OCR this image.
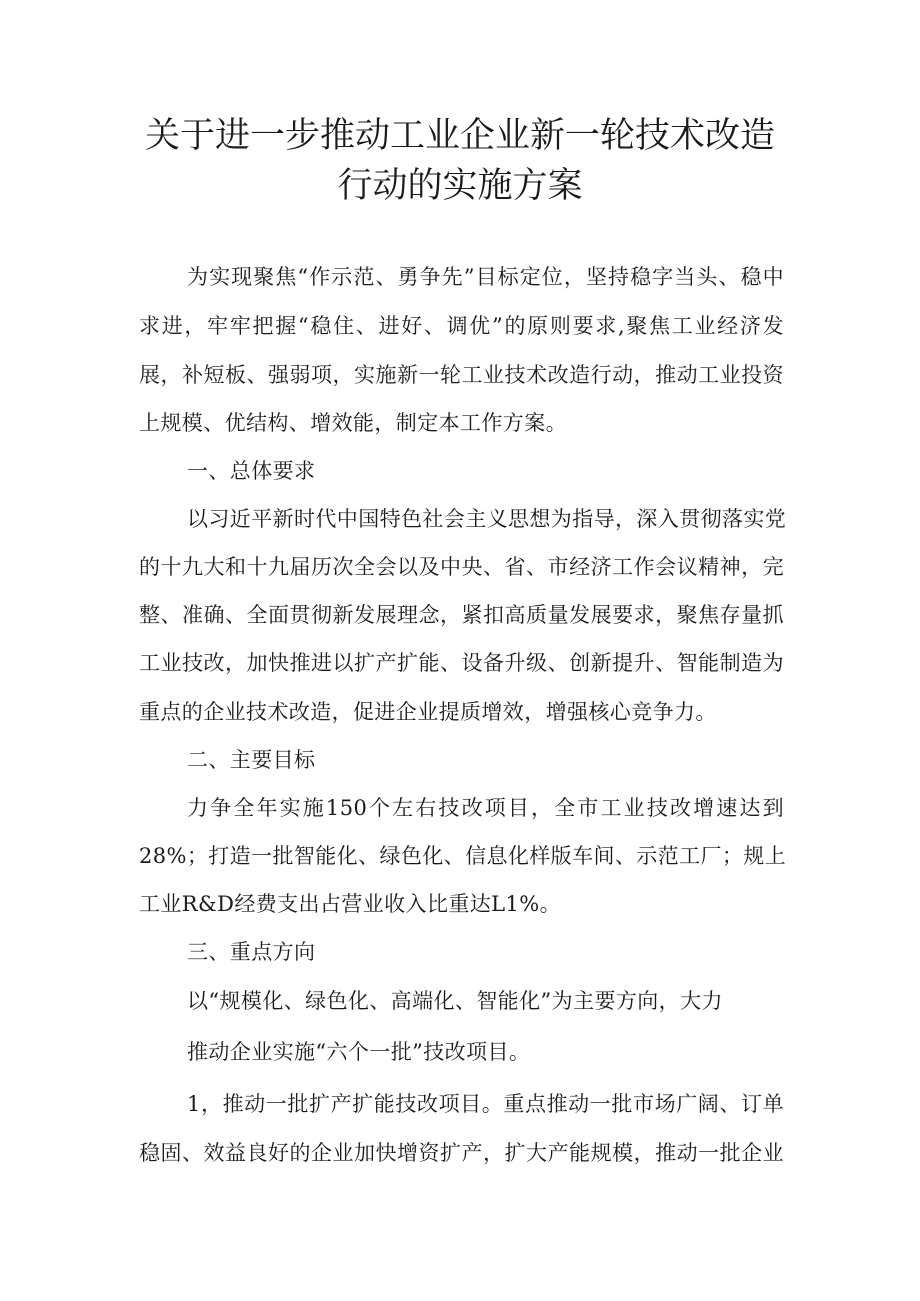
关于进一步推动工业企业新一轮技术改造
行动的实施方案
为实现聚焦“作示范、勇争先”目标定位，坚持稳字当头、稳中
求进，牢牢把握“稳住、进好、调优”的原则要求,聚焦工业经济发
展，补短板、强弱项，实施新一轮工业技术改造行动，推动工业投资
上规模、优结构、增效能，制定本工作方案。
一、总体要求
以习近平新时代中国特色社会主义思想为指导，深入贯彻落实党
的十九大和十九届历次全会以及中央、省、市经济工作会议精神，完
整、准确、全面贯彻新发展理念，紧扣高质量发展要求，聚焦存量抓
工业技改，加快推进以扩产扩能、设备升级、创新提升、智能制造为
重点的企业技术改造，促进企业提质增效，增强核心竞争力。
二、主要目标
力争全年实施150个左右技改项目，全市工业技改增速达到
28%；打造一批智能化、绿色化、信息化样版车间、示范工厂；规上
工业R&D经费支出占营业收入比重达L1%。
三、重点方向
以“规模化、绿色化、高端化、智能化”为主要方向，大力
推动企业实施“六个一批”技改项目。
1，推动一批扩产扩能技改项目。重点推动一批市场广阔、订单
稳固、效益良好的企业加快增资扩产，扩大产能规模，推动一批企业
